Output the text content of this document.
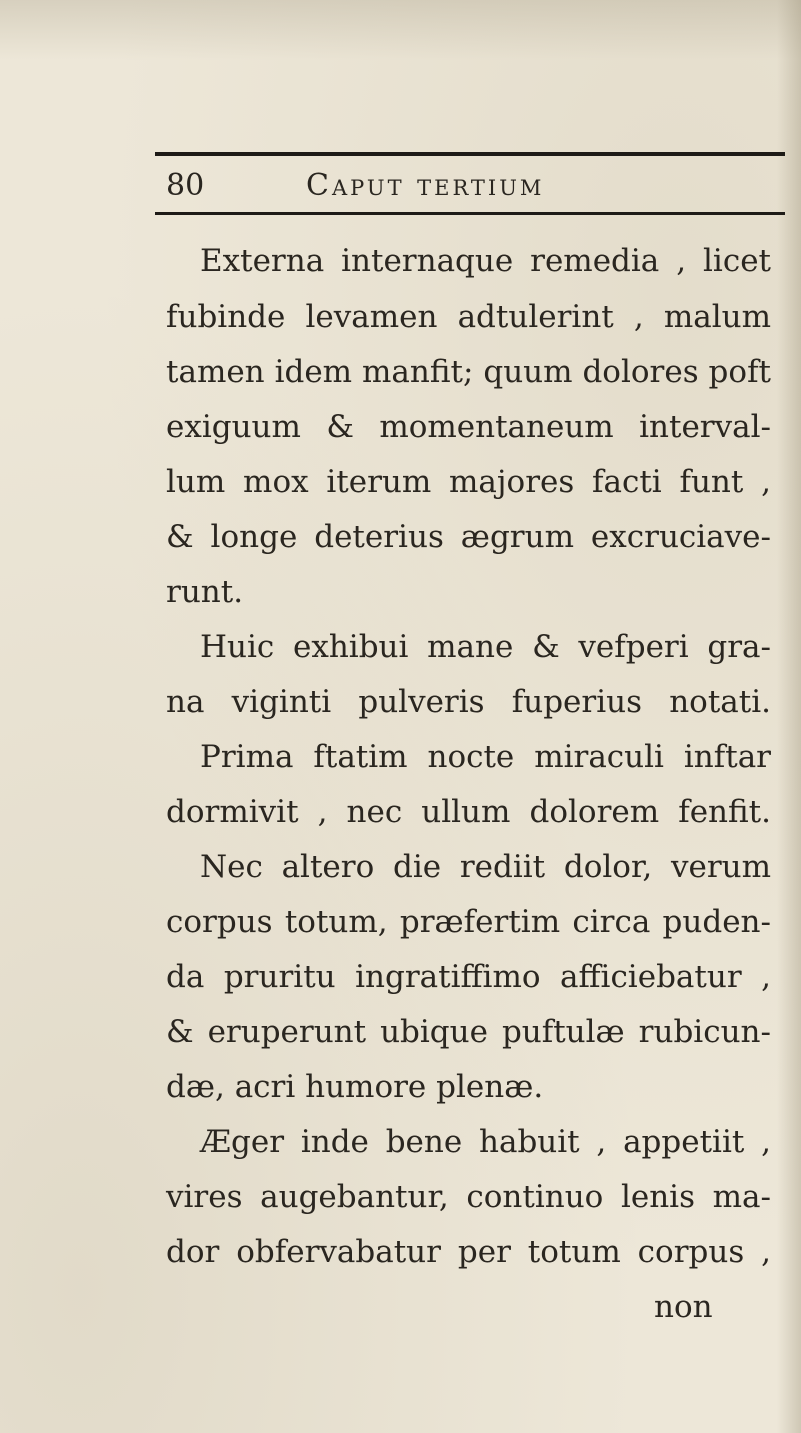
80	Caput tertium

Externa internaque remedia , licet

fubinde levamen adtulerint , malum

tamen idem manfit; quum dolores poft

exiguum & momentaneum interval-

lum mox iterum majores facti funt ,

& longe deterius ægrum excruciave-

runt.

Huic exhibui mane & vefperi gra-

na viginti pulveris fuperius notati.

Prima ftatim nocte miraculi inftar

dormivit , nec ullum dolorem fenfit.

Nec altero die rediit dolor, verum

corpus totum, præfertim circa puden-

da pruritu ingratiffimo afficiebatur ,

& eruperunt ubique puftulæ rubicun-

dæ, acri humore plenæ.

Æger inde bene habuit , appetiit ,

vires augebantur, continuo lenis ma-

dor obfervabatur per totum corpus ,

non
